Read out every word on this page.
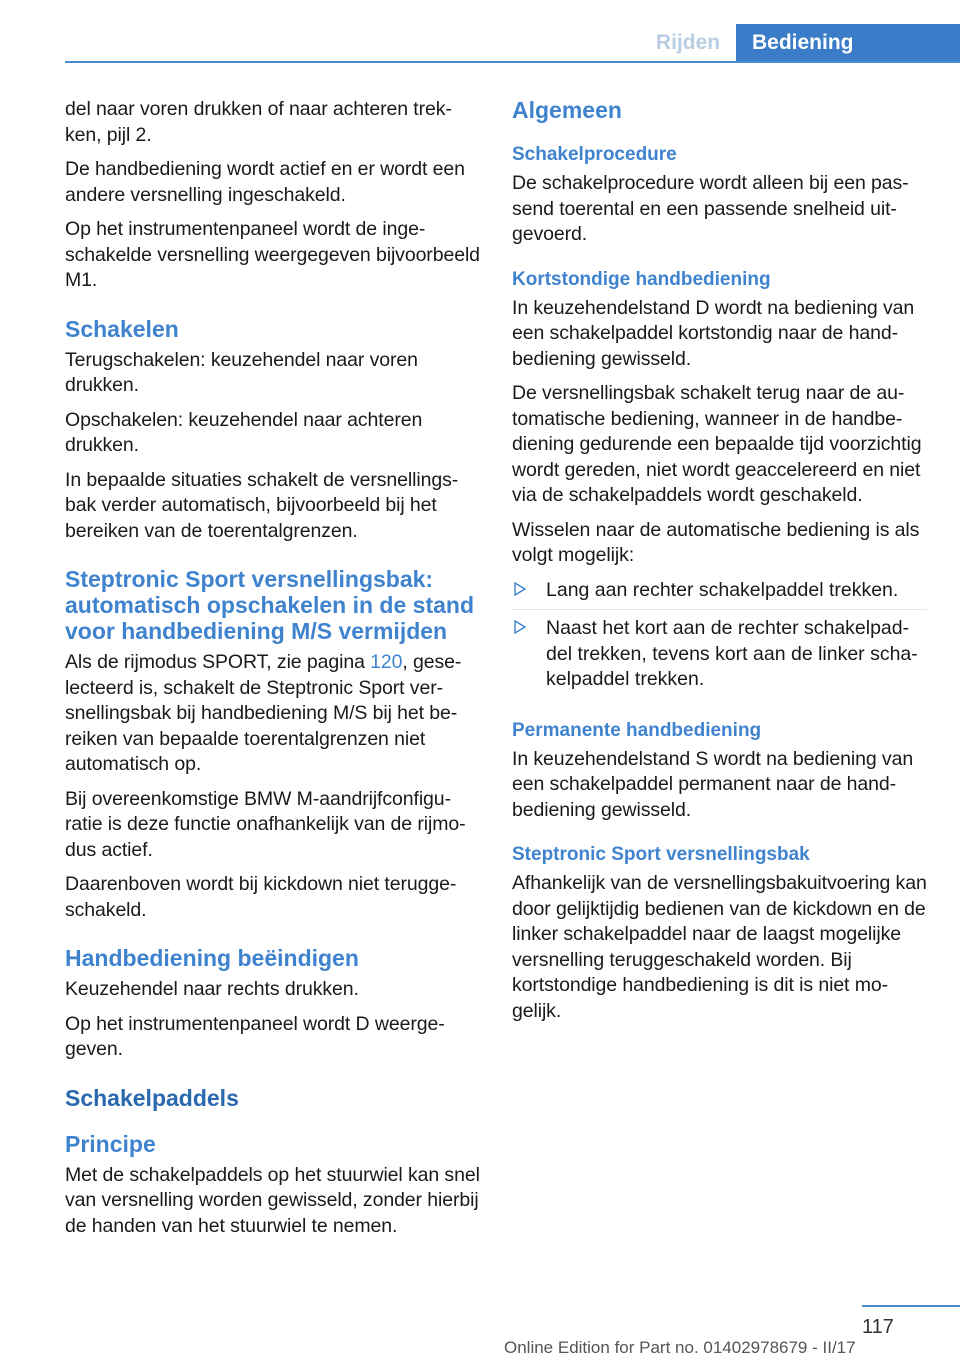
Rijden	Bediening

del naar voren drukken of naar achteren trekken, pijl 2.

De handbediening wordt actief en er wordt een andere versnelling ingeschakeld.

Op het instrumentenpaneel wordt de ingeschakelde versnelling weergegeven bijvoorbeeld M1.

Schakelen

Terugschakelen: keuzehendel naar voren drukken.

Opschakelen: keuzehendel naar achteren drukken.

In bepaalde situaties schakelt de versnellingsbak verder automatisch, bijvoorbeeld bij het bereiken van de toerentalgrenzen.

Steptronic Sport versnellingsbak: automatisch opschakelen in de stand voor handbediening M/S vermijden

Als de rijmodus SPORT, zie pagina 120, geselecteerd is, schakelt de Steptronic Sport versnellingsbak bij handbediening M/S bij het bereiken van bepaalde toerentalgrenzen niet automatisch op.

Bij overeenkomstige BMW M-aandrijfconfiguratie is deze functie onafhankelijk van de rijmodus actief.

Daarenboven wordt bij kickdown niet teruggeschakeld.

Handbediening beëindigen

Keuzehendel naar rechts drukken.

Op het instrumentenpaneel wordt D weergegeven.

Schakelpaddels
Principe

Met de schakelpaddels op het stuurwiel kan snel van versnelling worden gewisseld, zonder hierbij de handen van het stuurwiel te nemen.

Algemeen
Schakelprocedure

De schakelprocedure wordt alleen bij een passend toerental en een passende snelheid uitgevoerd.

Kortstondige handbediening

In keuzehendelstand D wordt na bediening van een schakelpaddel kortstondig naar de handbediening gewisseld.

De versnellingsbak schakelt terug naar de automatische bediening, wanneer in de handbediening gedurende een bepaalde tijd voorzichtig wordt gereden, niet wordt geaccelereerd en niet via de schakelpaddels wordt geschakeld.

Wisselen naar de automatische bediening is als volgt mogelijk:

Lang aan rechter schakelpaddel trekken.
Naast het kort aan de rechter schakelpaddel trekken, tevens kort aan de linker schakelpaddel trekken.
Permanente handbediening

In keuzehendelstand S wordt na bediening van een schakelpaddel permanent naar de handbediening gewisseld.

Steptronic Sport versnellingsbak

Afhankelijk van de versnellingsbakuitvoering kan door gelijktijdig bedienen van de kickdown en de linker schakelpaddel naar de laagst mogelijke versnelling teruggeschakeld worden. Bij kortstondige handbediening is dit is niet mogelijk.

117
Online Edition for Part no. 01402978679 - II/17
